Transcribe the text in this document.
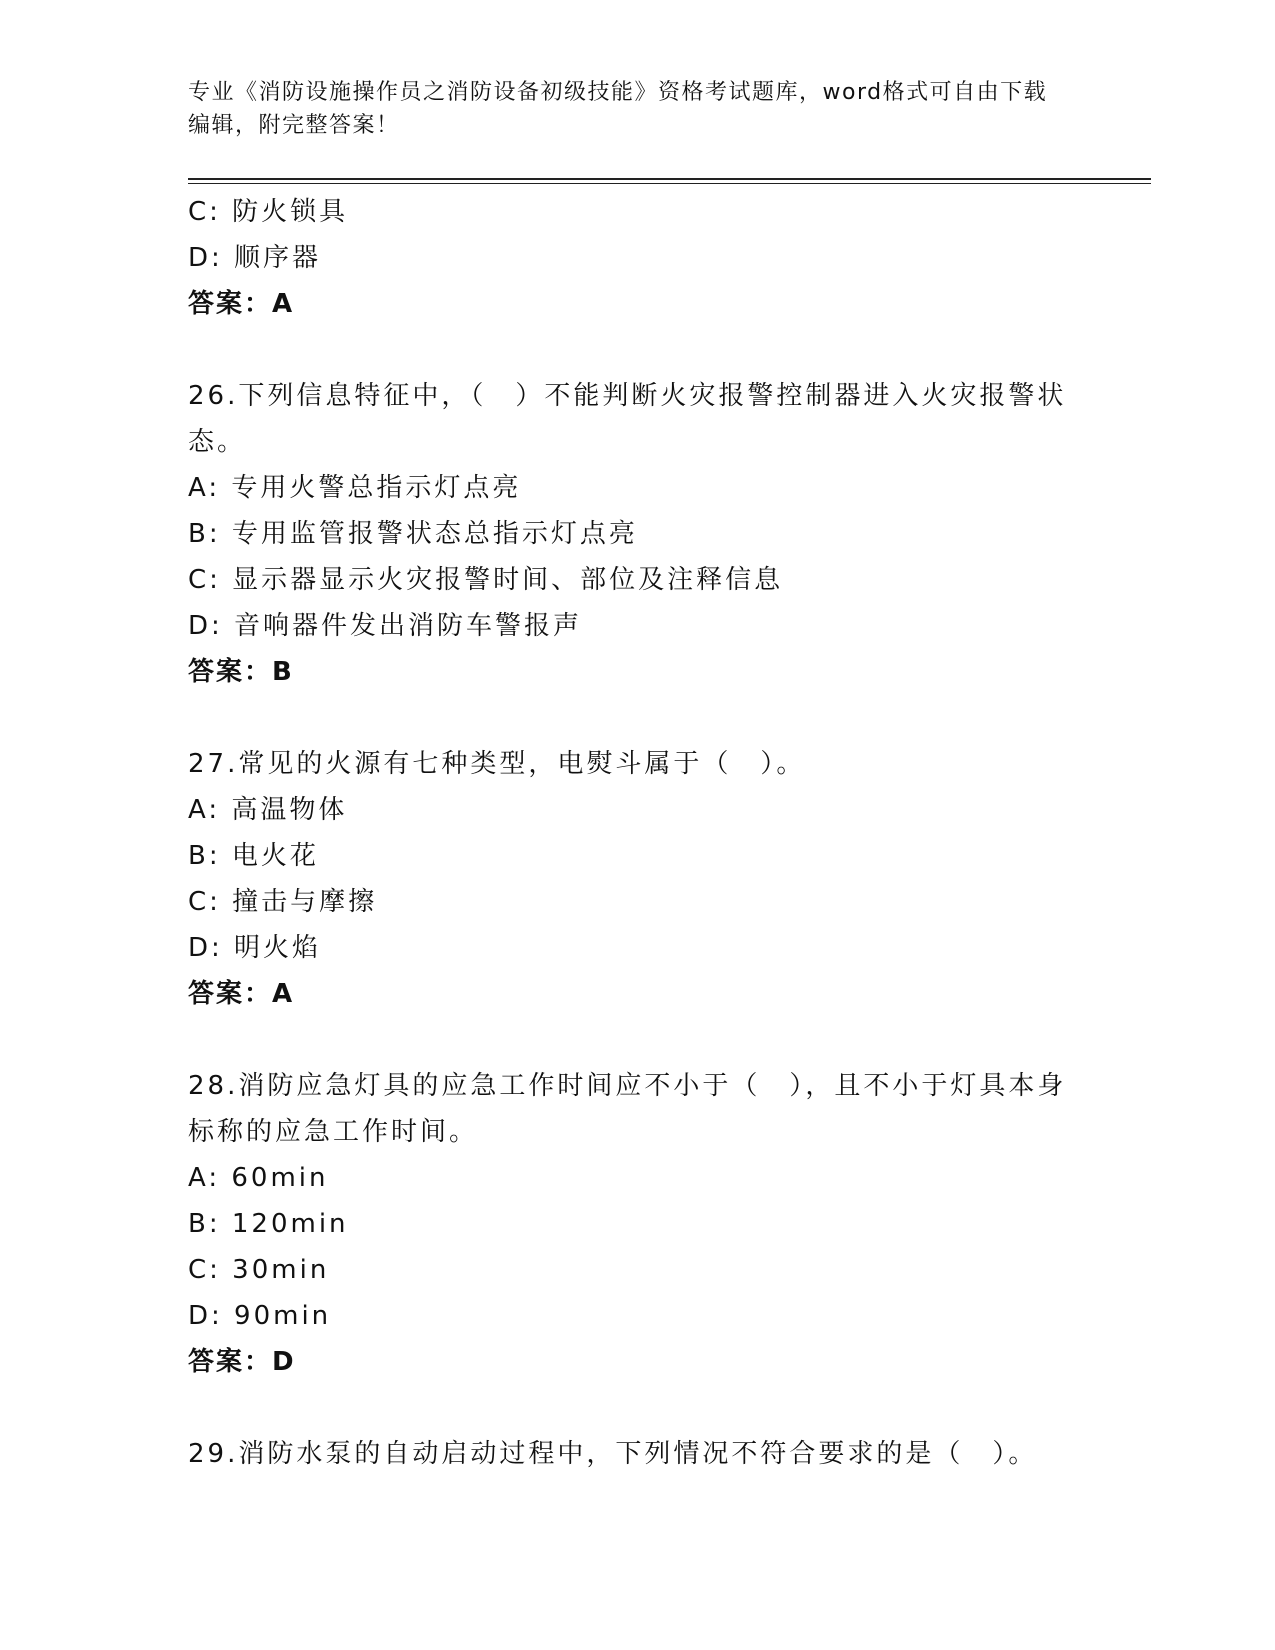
专业《消防设施操作员之消防设备初级技能》资格考试题库，word格式可自由下载编辑，附完整答案！
C: 防火锁具
D: 顺序器
答案：A
26.下列信息特征中，（　）不能判断火灾报警控制器进入火灾报警状态。
A: 专用火警总指示灯点亮
B: 专用监管报警状态总指示灯点亮
C: 显示器显示火灾报警时间、部位及注释信息
D: 音响器件发出消防车警报声
答案：B
27.常见的火源有七种类型，电熨斗属于（　）。
A: 高温物体
B: 电火花
C: 撞击与摩擦
D: 明火焰
答案：A
28.消防应急灯具的应急工作时间应不小于（　），且不小于灯具本身标称的应急工作时间。
A: 60min
B: 120min
C: 30min
D: 90min
答案：D
29.消防水泵的自动启动过程中，下列情况不符合要求的是（　）。
